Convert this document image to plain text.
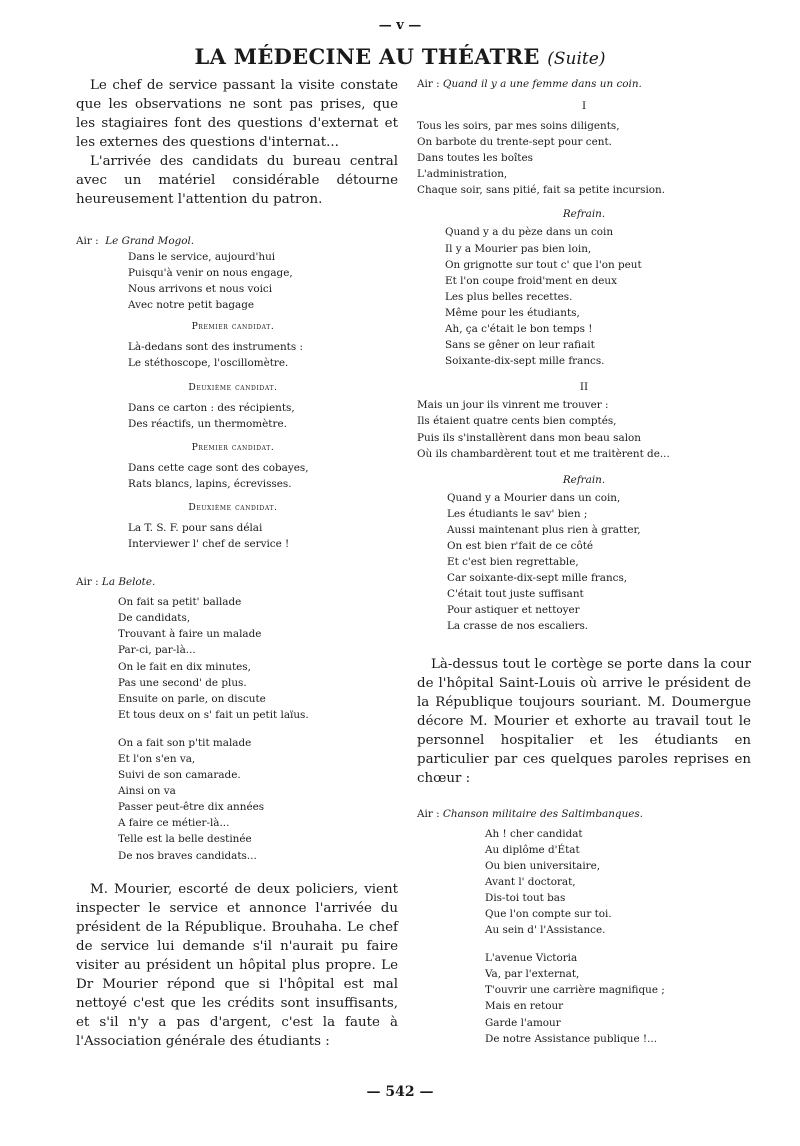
— v —
LA MÉDECINE AU THÉATRE (Suite)

Le chef de service passant la visite constate que les observations ne sont pas prises, que les stagiaires font des questions d'externat et les externes des questions d'internat...

L'arrivée des candidats du bureau central avec un matériel considérable détourne heureusement l'attention du patron.

Air : Le Grand Mogol.
Dans le service, aujourd'hui
Puisqu'à venir on nous engage,
Nous arrivons et nous voici
Avec notre petit bagage
Premier candidat.
Là-dedans sont des instruments :
Le stéthoscope, l'oscillomètre.
Deuxième candidat.
Dans ce carton : des récipients,
Des réactifs, un thermomètre.
Premier candidat.
Dans cette cage sont des cobayes,
Rats blancs, lapins, écrevisses.
Deuxième candidat.
La T. S. F. pour sans délai
Interviewer l' chef de service !
Air : La Belote.
On fait sa petit' ballade
De candidats,
Trouvant à faire un malade
Par-ci, par-là...
On le fait en dix minutes,
Pas une second' de plus.
Ensuite on parle, on discute
Et tous deux on s' fait un petit laïus.
On a fait son p'tit malade
Et l'on s'en va,
Suivi de son camarade.
Ainsi on va
Passer peut-être dix années
A faire ce métier-là...
Telle est la belle destinée
De nos braves candidats...

M. Mourier, escorté de deux policiers, vient inspecter le service et annonce l'arrivée du président de la République. Brouhaha. Le chef de service lui demande s'il n'aurait pu faire visiter au président un hôpital plus propre. Le Dr Mourier répond que si l'hôpital est mal nettoyé c'est que les crédits sont insuffisants, et s'il n'y a pas d'argent, c'est la faute à l'Association générale des étudiants :

Air : Quand il y a une femme dans un coin.
I
Tous les soirs, par mes soins diligents,
On barbote du trente-sept pour cent.
Dans toutes les boîtes
L'administration,
Chaque soir, sans pitié, fait sa petite incursion.
Refrain.
Quand y a du pèze dans un coin
Il y a Mourier pas bien loin,
On grignotte sur tout c' que l'on peut
Et l'on coupe froid'ment en deux
Les plus belles recettes.
Même pour les étudiants,
Ah, ça c'était le bon temps !
Sans se gêner on leur rafiait
Soixante-dix-sept mille francs.
II
Mais un jour ils vinrent me trouver :
Ils étaient quatre cents bien comptés,
Puis ils s'installèrent dans mon beau salon
Où ils chambardèrent tout et me traitèrent de...
Refrain.
Quand y a Mourier dans un coin,
Les étudiants le sav' bien ;
Aussi maintenant plus rien à gratter,
On est bien r'fait de ce côté
Et c'est bien regrettable,
Car soixante-dix-sept mille francs,
C'était tout juste suffisant
Pour astiquer et nettoyer
La crasse de nos escaliers.

Là-dessus tout le cortège se porte dans la cour de l'hôpital Saint-Louis où arrive le président de la République toujours souriant. M. Doumergue décore M. Mourier et exhorte au travail tout le personnel hospitalier et les étudiants en particulier par ces quelques paroles reprises en chœur :

Air : Chanson militaire des Saltimbanques.
Ah ! cher candidat
Au diplôme d'État
Ou bien universitaire,
Avant l' doctorat,
Dis-toi tout bas
Que l'on compte sur toi.
Au sein d' l'Assistance.
L'avenue Victoria
Va, par l'externat,
T'ouvrir une carrière magnifique ;
Mais en retour
Garde l'amour
De notre Assistance publique !...
— 542 —
